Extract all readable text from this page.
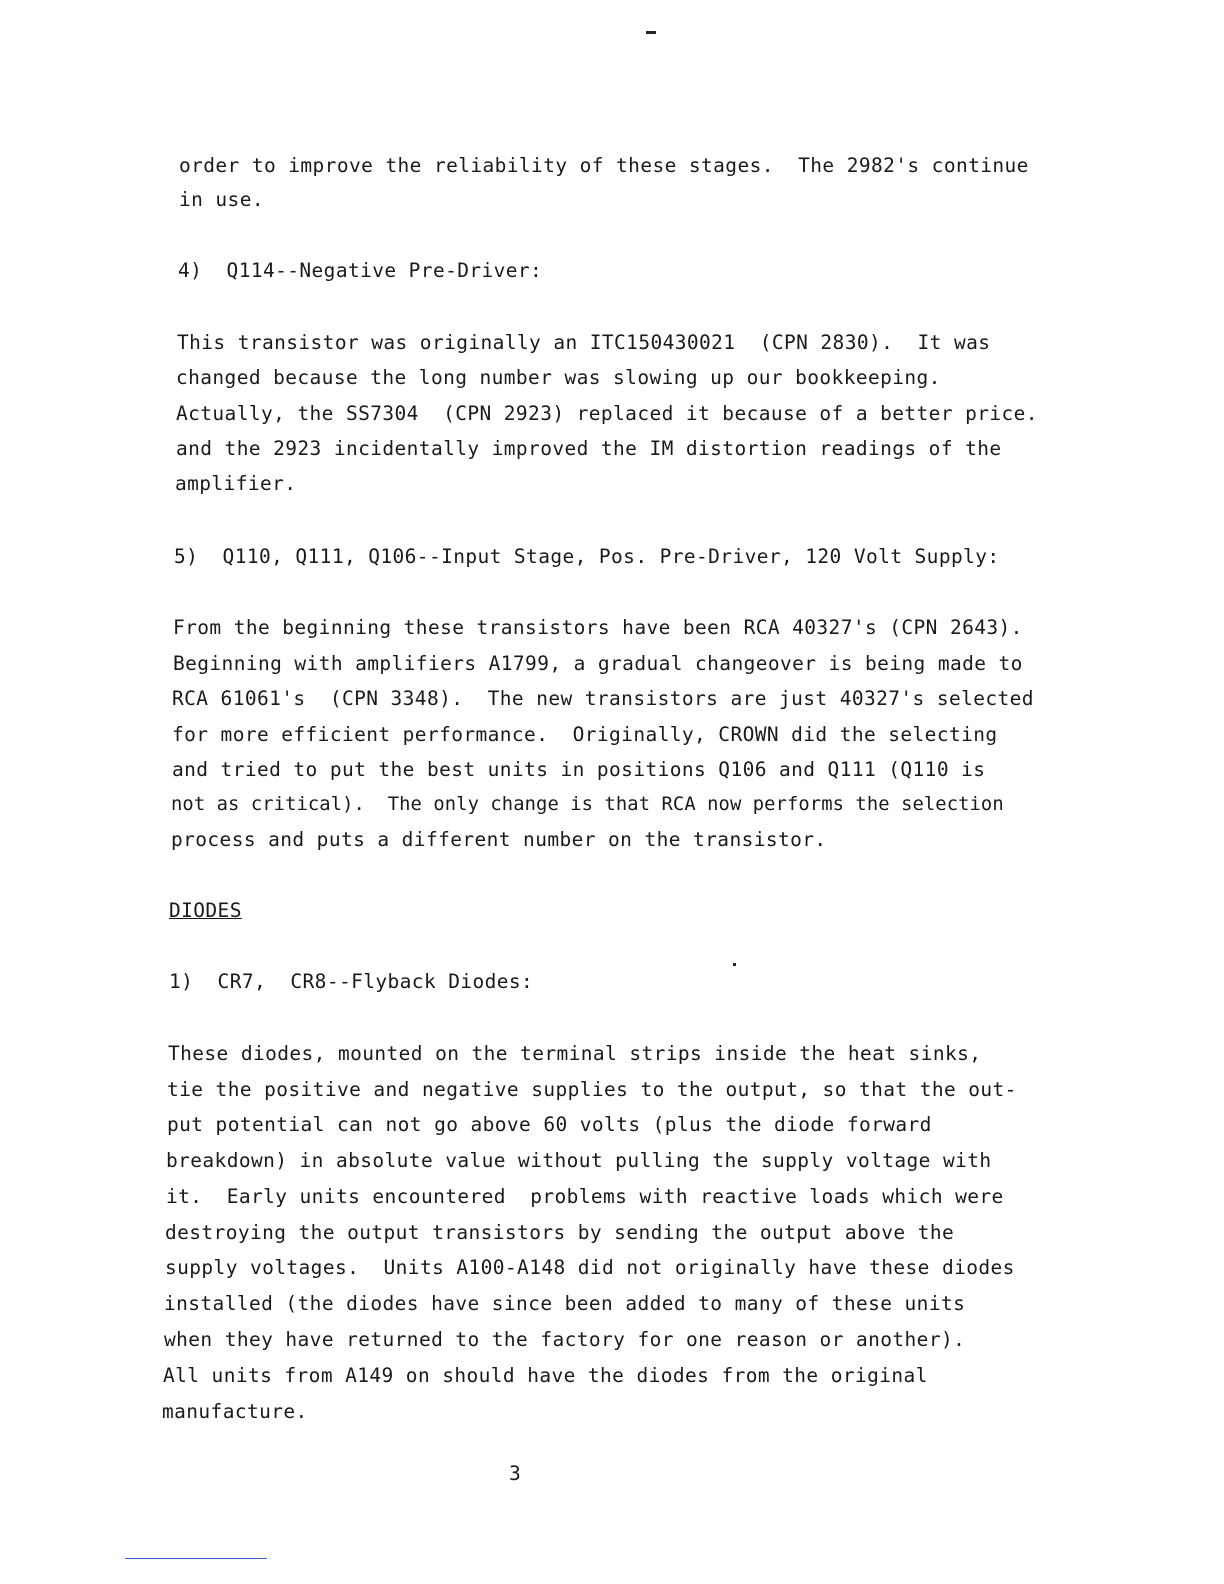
order to improve the reliability of these stages.  The 2982's continue
in use.
4)  Q114--Negative Pre-Driver:
This transistor was originally an ITC150430021  (CPN 2830).  It was
changed because the long number was slowing up our bookkeeping.
Actually, the SS7304  (CPN 2923) replaced it because of a better price.
and the 2923 incidentally improved the IM distortion readings of the
amplifier.
5)  Q110, Q111, Q106--Input Stage, Pos. Pre-Driver, 120 Volt Supply:
From the beginning these transistors have been RCA 40327's (CPN 2643).
Beginning with amplifiers A1799, a gradual changeover is being made to
RCA 61061's  (CPN 3348).  The new transistors are just 40327's selected
for more efficient performance.  Originally, CROWN did the selecting
and tried to put the best units in positions Q106 and Q111 (Q110 is
not as critical).  The only change is that RCA now performs the selection
process and puts a different number on the transistor.
DIODES
1)  CR7,  CR8--Flyback Diodes:
These diodes, mounted on the terminal strips inside the heat sinks,
tie the positive and negative supplies to the output, so that the out-
put potential can not go above 60 volts (plus the diode forward
breakdown) in absolute value without pulling the supply voltage with
it.  Early units encountered  problems with reactive loads which were
destroying the output transistors by sending the output above the
supply voltages.  Units A100-A148 did not originally have these diodes
installed (the diodes have since been added to many of these units
when they have returned to the factory for one reason or another).
All units from A149 on should have the diodes from the original
manufacture.
3
